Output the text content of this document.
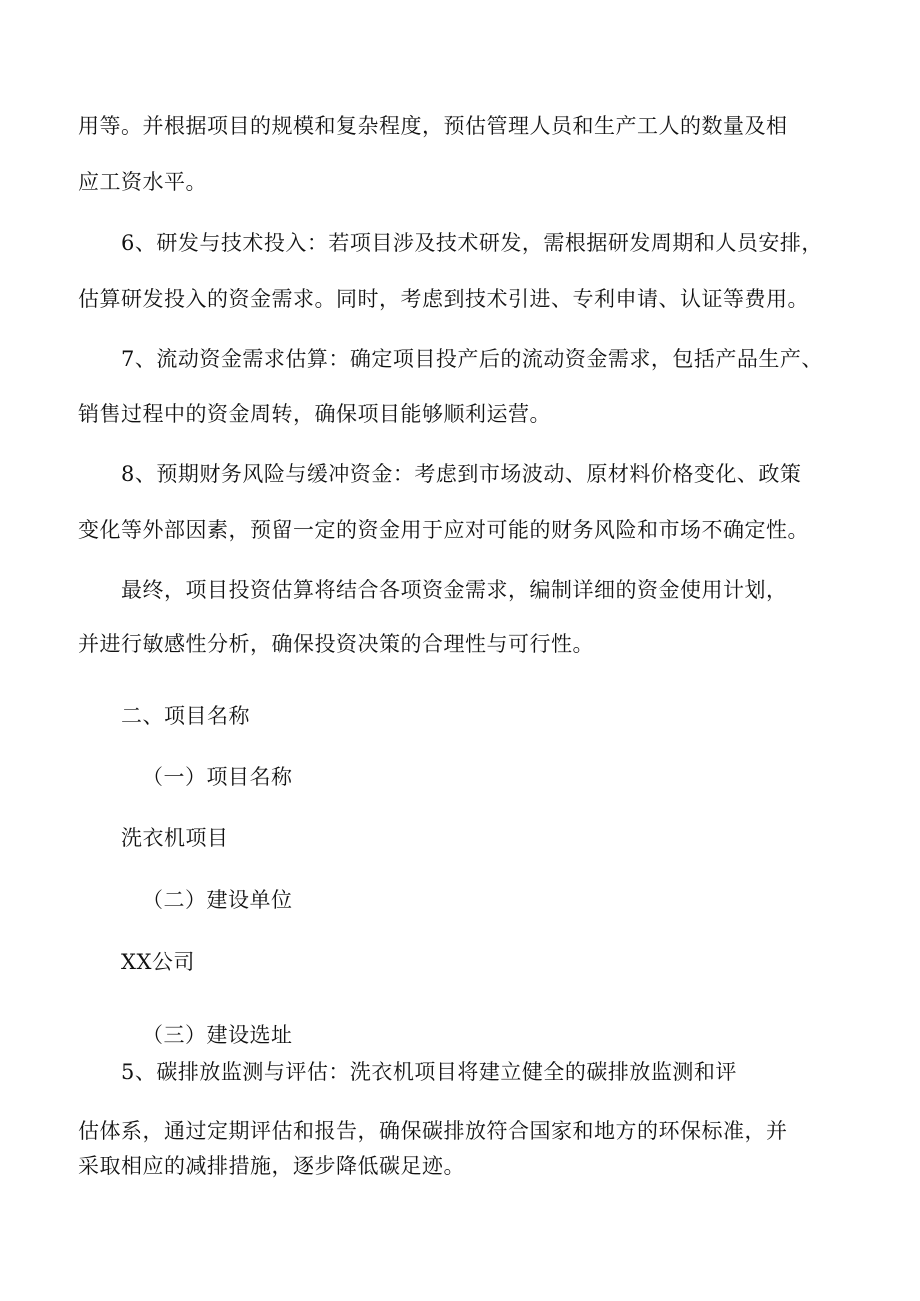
用等。并根据项目的规模和复杂程度，预估管理人员和生产工人的数量及相
应工资水平。
6、研发与技术投入：若项目涉及技术研发，需根据研发周期和人员安排，
估算研发投入的资金需求。同时，考虑到技术引进、专利申请、认证等费用。
7、流动资金需求估算：确定项目投产后的流动资金需求，包括产品生产、
销售过程中的资金周转，确保项目能够顺利运营。
8、预期财务风险与缓冲资金：考虑到市场波动、原材料价格变化、政策
变化等外部因素，预留一定的资金用于应对可能的财务风险和市场不确定性。
最终，项目投资估算将结合各项资金需求，编制详细的资金使用计划，
并进行敏感性分析，确保投资决策的合理性与可行性。
二、项目名称
（一）项目名称
洗衣机项目
（二）建设单位
XX公司
（三）建设选址
5、碳排放监测与评估：洗衣机项目将建立健全的碳排放监测和评
估体系，通过定期评估和报告，确保碳排放符合国家和地方的环保标准，并
采取相应的减排措施，逐步降低碳足迹。
